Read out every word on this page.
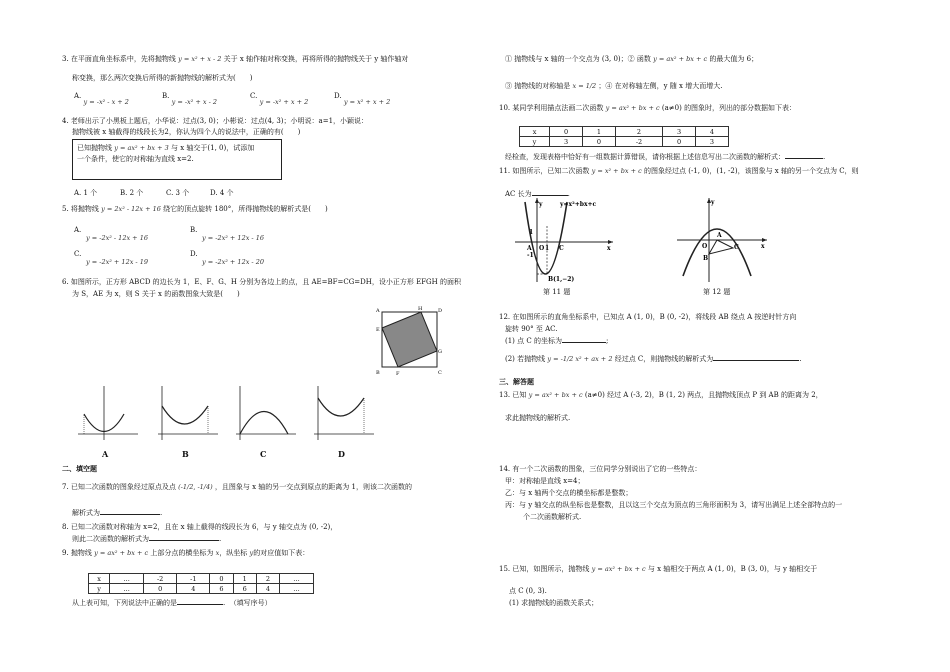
3. 在平面直角坐标系中，先将抛物线 y = x² + x - 2 关于 x 轴作轴对称变换，再将所得的抛物线关于 y 轴作轴对
称变换，那么两次变换后所得的新抛物线的解析式为(　　)
A. y = -x² - x + 2
B. y = -x² + x - 2
C. y = -x² + x + 2
D. y = x² + x + 2
4. 老师出示了小黑板上题后，小华说：过点(3, 0)；小彬说：过点(4, 3)；小明说：a=1，小颖说：
抛物线被 x 轴截得的线段长为2，你认为四个人的说法中，正确的有(　　)
已知抛物线 y = ax² + bx + 3 与 x 轴交于(1, 0)，试添加
一个条件，使它的对称轴为直线 x=2.

A. 1 个	B. 2 个	C. 3 个	D. 4 个
5. 将抛物线 y = 2x² - 12x + 16 绕它的顶点旋转 180°，所得抛物线的解析式是(　　)
A.
y = -2x² - 12x + 16
B.
y = -2x² + 12x - 16
C.
y = -2x² + 12x - 19
D.
y = -2x² + 12x - 20
6. 如图所示，正方形 ABCD 的边长为 1，E、F、G、H 分别为各边上的点，且 AE=BF=CG=DH，设小正方形 EFGH 的面积
为 S，AE 为 x，则 S 关于 x 的函数图象大致是(　　)
A	H	D
E
G
B	F	C
A	B	C	D
二、填空题
7. 已知二次函数的图象经过原点及点 (-1/2, -1/4) ，且图象与 x 轴的另一交点到原点的距离为 1，则该二次函数的
解析式为	.
8. 已知二次函数对称轴为 x=2，且在 x 轴上截得的线段长为 6，与 y 轴交点为 (0, -2)，
则此二次函数的解析式为	.
9. 抛物线 y = ax² + bx + c 上部分点的横坐标为 x，纵坐标 y的对应值如下表：
x	…	-2	-1	0	1	2	…
y	…	0	4	6	6	4	…
从上表可知，下列说法中正确的是	.  （填写序号）
① 抛物线与 x 轴的一个交点为 (3, 0)；② 函数 y = ax² + bx + c 的最大值为 6；
③ 抛物线的对称轴是 x = 1/2 ；④ 在对称轴左侧，y 随 x 增大而增大.
10. 某同学利用描点法画二次函数 y = ax² + bx + c (a≠0) 的图象时，列出的部分数据如下表：
x	0	1	2	3	4
y	3	0	-2	0	3
经检查，发现表格中恰好有一组数据计算错误，请你根据上述信息写出二次函数的解析式：	.
11. 如图所示，已知二次函数 y = x² + bx + c 的图象经过点 (-1, 0)，(1, -2)，该图象与 x 轴的另一个交点为 C，则
AC 长为	.
y=x²+bx+c
A	C
-1
O 1
1
y
x
B(1,−2)
第 11 题
y
x
O
A
B
C
第 12 题
12. 在如图所示的直角坐标系中，已知点 A (1, 0)，B (0, -2)，将线段 AB 绕点 A 按逆时针方向
旋转 90° 至 AC.
(1) 点 C 的坐标为	;
(2) 若抛物线 y = -1/2 x² + ax + 2 经过点 C，则抛物线的解析式为	.
三、解答题
13. 已知 y = ax² + bx + c (a≠0) 经过 A (-3, 2)，B (1, 2) 两点，且抛物线顶点 P 到 AB 的距离为 2，
求此抛物线的解析式.
14. 有一个二次函数的图象，三位同学分别说出了它的一些特点：
甲：对称轴是直线 x=4；
乙：与 x 轴两个交点的横坐标都是整数；
丙：与 y 轴交点的纵坐标也是整数，且以这三个交点为顶点的三角形面积为 3，请写出满足上述全部特点的一
个二次函数解析式.
15. 已知，如图所示，抛物线 y = ax² + bx + c 与 x 轴相交于两点 A (1, 0)，B (3, 0)，与 y 轴相交于
点 C (0, 3).
(1) 求抛物线的函数关系式；
